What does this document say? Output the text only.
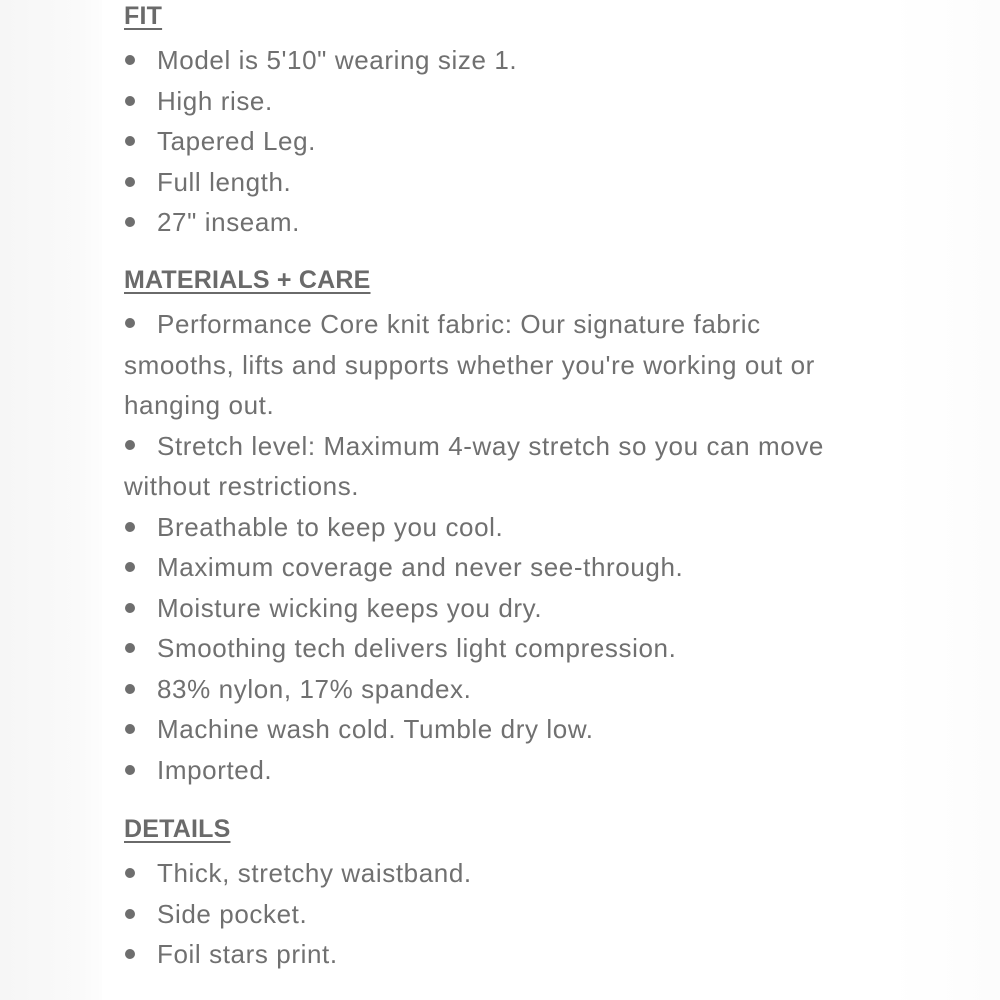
FIT
Model is 5'10" wearing size 1.
High rise.
Tapered Leg.
Full length.
27" inseam.
MATERIALS + CARE
Performance Core knit fabric: Our signature fabric smooths, lifts and supports whether you're working out or hanging out.
Stretch level: Maximum 4-way stretch so you can move without restrictions.
Breathable to keep you cool.
Maximum coverage and never see-through.
Moisture wicking keeps you dry.
Smoothing tech delivers light compression.
83% nylon, 17% spandex.
Machine wash cold. Tumble dry low.
Imported.
DETAILS
Thick, stretchy waistband.
Side pocket.
Foil stars print.
